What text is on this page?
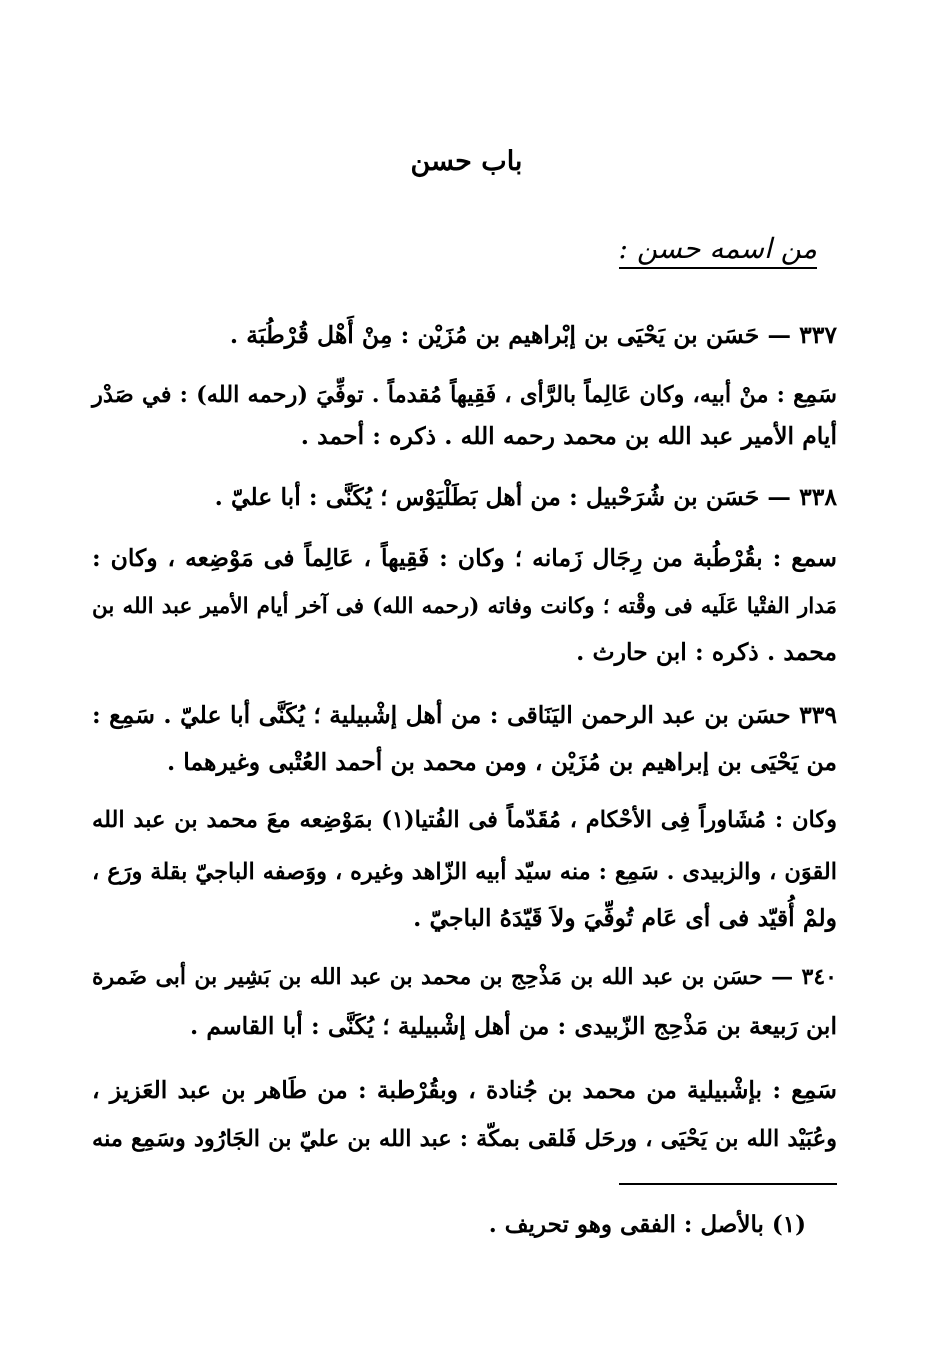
باب حسن
من اسمه حسن :
٣٣٧ — حَسَن بن يَحْيَى بن إبْراهيم بن مُزَيْن : مِنْ أَهْل قُرْطُبَة .
سَمِع : منْ أبيه، وكان عَالِماً بالرَّأى ، فَقِيهاً مُقدماً . توفِّيَ (رحمه الله) : في صَدْر
أيام الأمير عبد الله بن محمد رحمه الله . ذكره : أحمد .
٣٣٨ — حَسَن بن شُرَحْبيل : من أهل بَطَلْيَوْس ؛ يُكَنَّى : أبا عليّ .
سمع : بقُرْطُبة من رِجَال زَمانه ؛ وكان : فَقِيهاً ، عَالِماً فى مَوْضِعه ، وكان :
مَدار الفتْيا عَلَيه فى وقْته ؛ وكانت وفاته (رحمه الله) فى آخر أيام الأمير عبد الله بن
محمد . ذكره : ابن حارث .
٣٣٩ حسَن بن عبد الرحمن اليَنَاقى : من أهل إشْبيلية ؛ يُكَنَّى أبا عليّ . سَمِع :
من يَحْيَى بن إبراهيم بن مُزَيْن ، ومن محمد بن أحمد العُتْبى وغيرهما .
وكان : مُشَاوراً فِى الأحْكام ، مُقَدّماً فى الفُتيا(١) بمَوْضِعه معَ محمد بن عبد الله
القوَن ، والزبيدى . سَمِع : منه سيّد أبيه الزّاهد وغيره ، ووَصفه الباجيّ بقلة ورَع ،
ولمْ أُقيّد فى أى عَام تُوفِّيَ ولاَ قَيّدَهُ الباجيّ .
٣٤٠ — حسَن بن عبد الله بن مَذْحِج بن محمد بن عبد الله بن بَشِير بن أبى ضَمرة
ابن رَبيعة بن مَذْحِج الزّبيدى : من أهل إشْبيلية ؛ يُكَنَّى : أبا القاسم .
سَمِع : بإشْبيلية من محمد بن جُنادة ، وبقُرْطبة : من طَاهر بن عبد العَزيز ،
وعُبَيْد الله بن يَحْيَى ، ورحَل فَلقى بمكّة : عبد الله بن عليّ بن الجَارُود وسَمِع منه
(١) بالأصل : الفقى وهو تحريف .
